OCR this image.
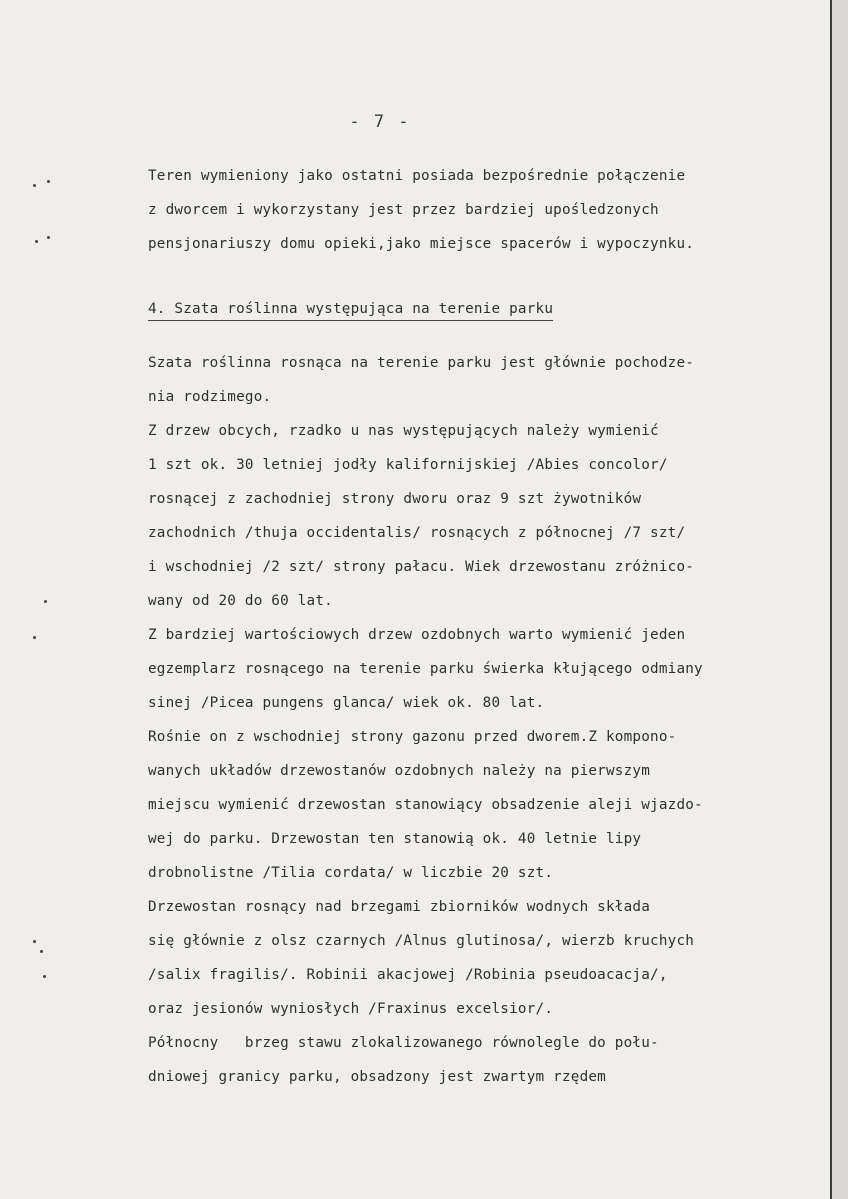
- 7 -
Teren wymieniony jako ostatni posiada bezpośrednie połączenie
z dworcem i wykorzystany jest przez bardziej upośledzonych
pensjonariuszy domu opieki,jako miejsce spacerów i wypoczynku.
4. Szata roślinna występująca na terenie parku
Szata roślinna rosnąca na terenie parku jest głównie pochodze-
nia rodzimego.
Z drzew obcych, rzadko u nas występujących należy wymienić
1 szt ok. 30 letniej jodły kalifornijskiej /Abies concolor/
rosnącej z zachodniej strony dworu oraz 9 szt żywotników
zachodnich /thuja occidentalis/ rosnących z północnej /7 szt/
i wschodniej /2 szt/ strony pałacu. Wiek drzewostanu zróżnico-
wany od 20 do 60 lat.
Z bardziej wartościowych drzew ozdobnych warto wymienić jeden
egzemplarz rosnącego na terenie parku świerka kłującego odmiany
sinej /Picea pungens glanca/ wiek ok. 80 lat.
Rośnie on z wschodniej strony gazonu przed dworem.Z kompono-
wanych układów drzewostanów ozdobnych należy na pierwszym
miejscu wymienić drzewostan stanowiący obsadzenie aleji wjazdo-
wej do parku. Drzewostan ten stanowią ok. 40 letnie lipy
drobnolistne /Tilia cordata/ w liczbie 20 szt.
Drzewostan rosnący nad brzegami zbiorników wodnych składa
się głównie z olsz czarnych /Alnus glutinosa/, wierzb kruchych
/salix fragilis/. Robinii akacjowej /Robinia pseudoacacja/,
oraz jesionów wyniosłych /Fraxinus excelsior/.
Północny   brzeg stawu zlokalizowanego równolegle do połu-
dniowej granicy parku, obsadzony jest zwartym rzędem
